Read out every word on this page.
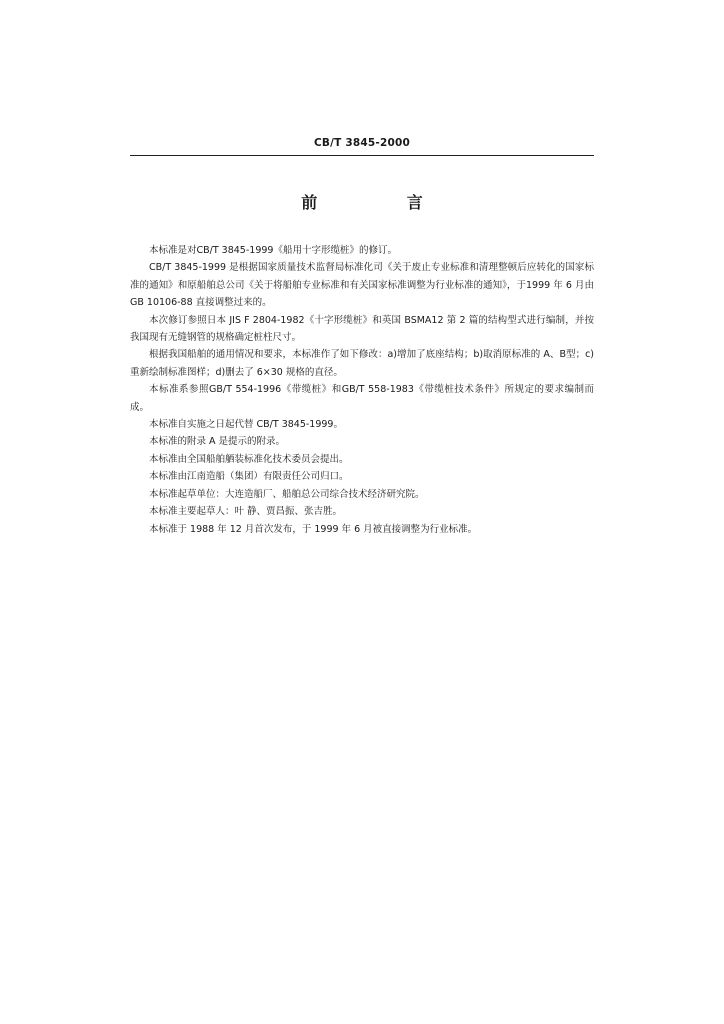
CB/T 3845-2000
前 言

本标准是对CB/T 3845-1999《船用十字形缆桩》的修订。

CB/T 3845-1999 是根据国家质量技术监督局标准化司《关于废止专业标准和清理整顿后应转化的国家标准的通知》和原船舶总公司《关于将船舶专业标准和有关国家标准调整为行业标准的通知》，于1999 年 6 月由 GB 10106-88 直接调整过来的。

本次修订参照日本 JIS F 2804-1982《十字形缆桩》和英国 BSMA12 第 2 篇的结构型式进行编制，并按我国现有无缝钢管的规格确定桩柱尺寸。

根据我国船舶的通用情况和要求，本标准作了如下修改：a)增加了底座结构；b)取消原标准的 A、B型；c)重新绘制标准图样；d)删去了 6×30 规格的直径。

本标准系参照GB/T 554-1996《带缆桩》和GB/T 558-1983《带缆桩技术条件》所规定的要求编制而成。

本标准自实施之日起代替 CB/T 3845-1999。

本标准的附录 A 是提示的附录。

本标准由全国船舶舾装标准化技术委员会提出。

本标准由江南造船（集团）有限责任公司归口。

本标准起草单位：大连造船厂、船舶总公司综合技术经济研究院。

本标准主要起草人：叶 静、贾昌振、张吉胜。

本标准于 1988 年 12 月首次发布，于 1999 年 6 月被直接调整为行业标准。
